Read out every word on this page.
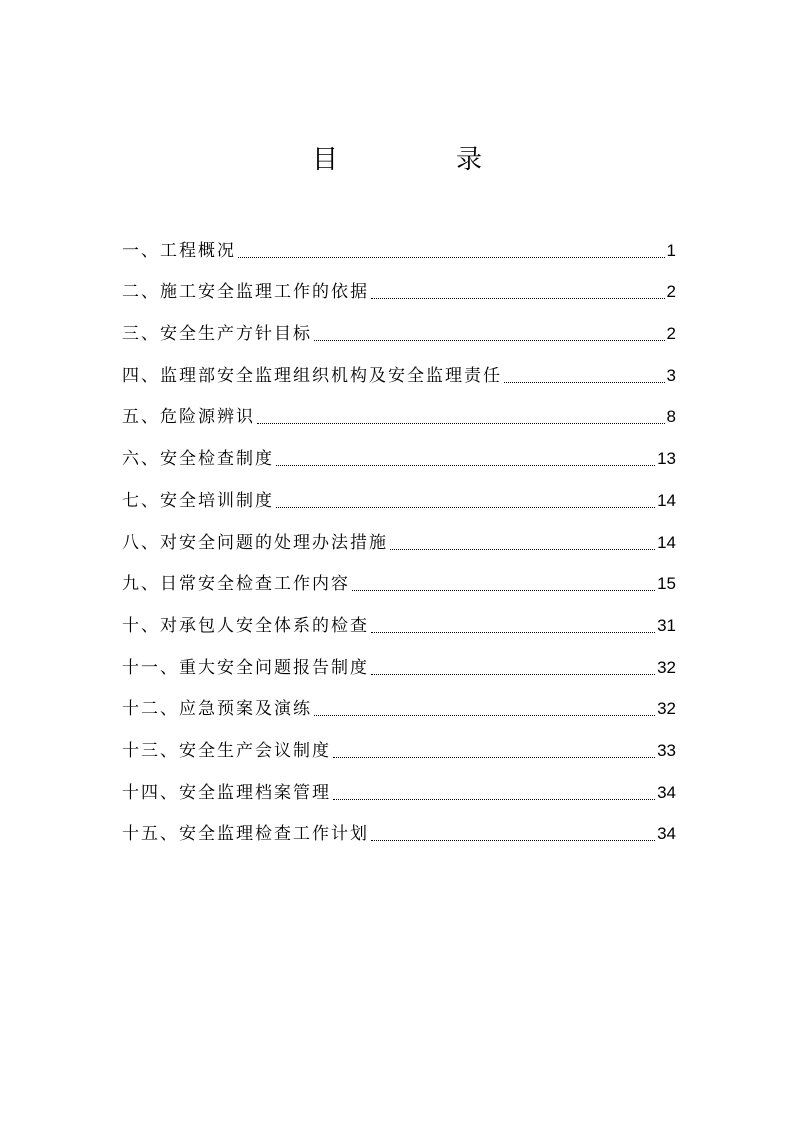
目	录
一、工程概况	1
二、施工安全监理工作的依据	2
三、安全生产方针目标	2
四、监理部安全监理组织机构及安全监理责任	3
五、危险源辨识	8
六、安全检查制度	13
七、安全培训制度	14
八、对安全问题的处理办法措施	14
九、日常安全检查工作内容	15
十、对承包人安全体系的检查	31
十一、重大安全问题报告制度	32
十二、应急预案及演练	32
十三、安全生产会议制度	33
十四、安全监理档案管理	34
十五、安全监理检查工作计划	34
